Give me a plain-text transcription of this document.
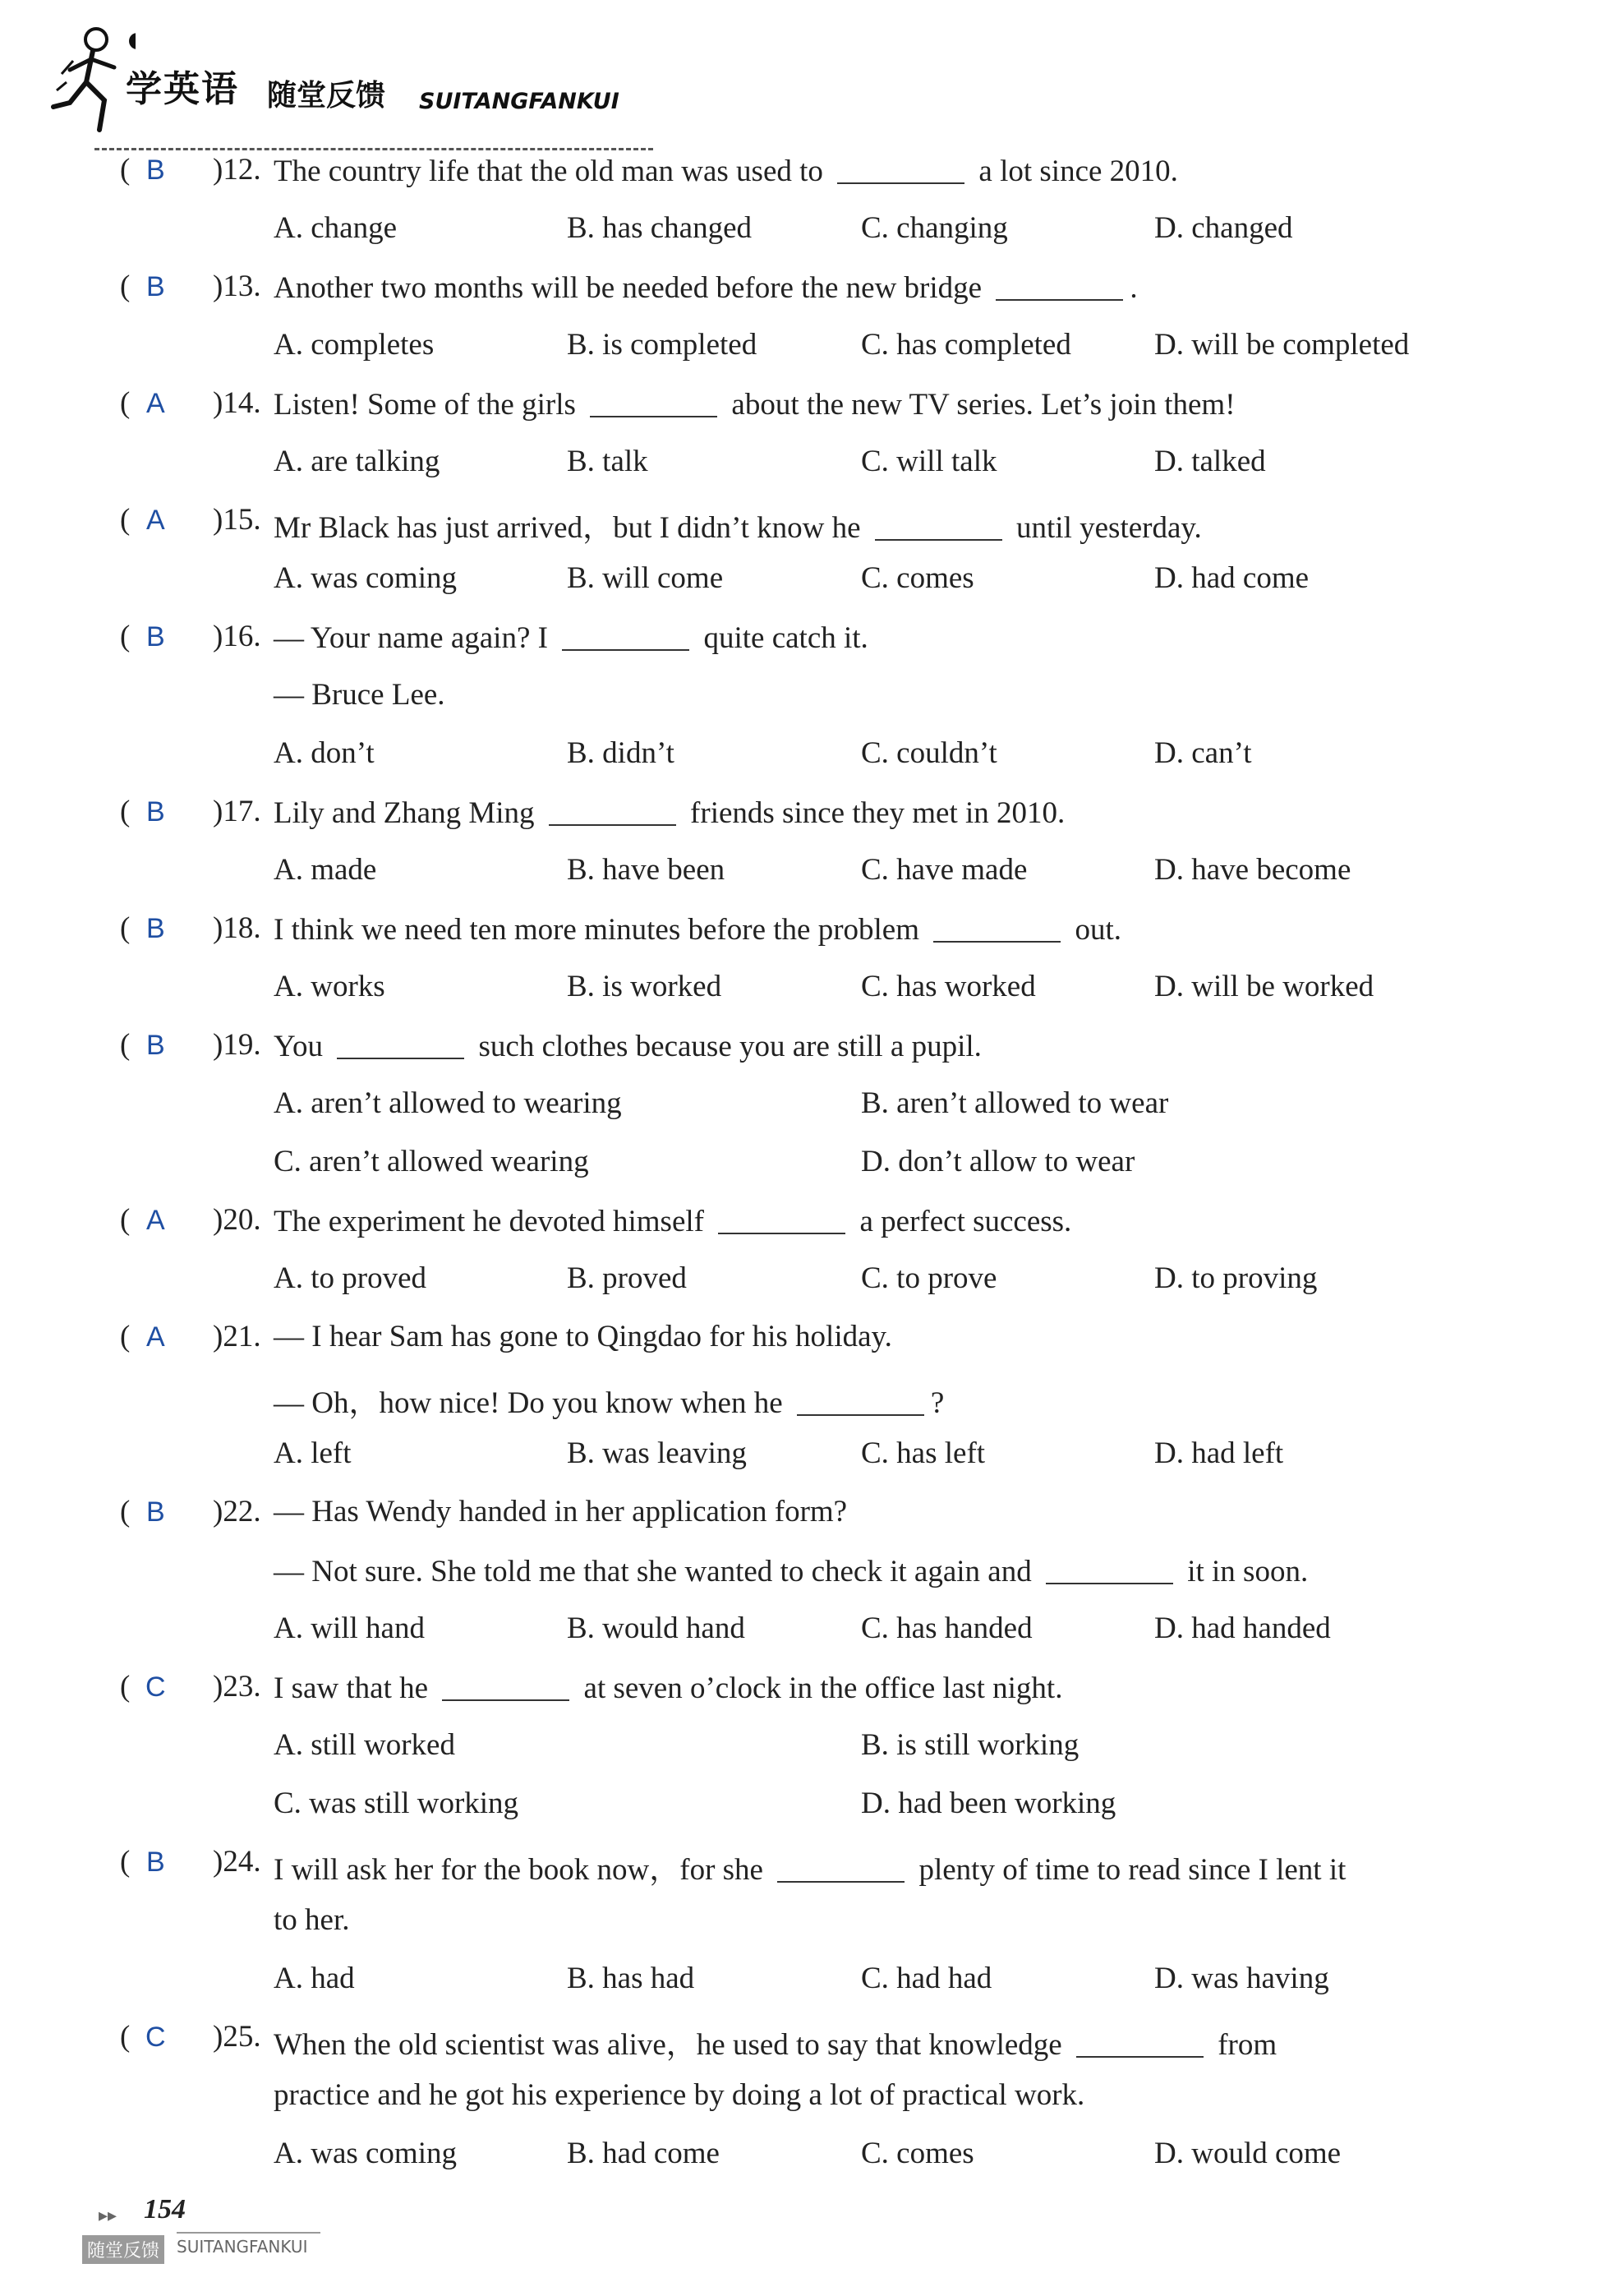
学英语 随堂反馈 SUITANGFANKUI
( B	)12. The country life that the old man was used to	a lot since 2010.
A. change	B. has changed	C. changing	D. changed
( B	)13. Another two months will be needed before the new bridge	.
A. completes	B. is completed	C. has completed	D. will be completed
( A	)14. Listen! Some of the girls	about the new TV series. Let’s join them!
A. are talking	B. talk	C. will talk	D. talked
( A	)15. Mr Black has just arrived，but I didn’t know he	until yesterday.
A. was coming	B. will come	C. comes	D. had come
( B	)16. — Your name again? I	quite catch it.
— Bruce Lee.
A. don’t	B. didn’t	C. couldn’t	D. can’t
( B	)17. Lily and Zhang Ming	friends since they met in 2010.
A. made	B. have been	C. have made	D. have become
( B	)18. I think we need ten more minutes before the problem	out.
A. works	B. is worked	C. has worked	D. will be worked
( B	)19. You	such clothes because you are still a pupil.
A. aren’t allowed to wearing	B. aren’t allowed to wear
C. aren’t allowed wearing	D. don’t allow to wear
( A	)20. The experiment he devoted himself	a perfect success.
A. to proved	B. proved	C. to prove	D. to proving
( A	)21. — I hear Sam has gone to Qingdao for his holiday.
— Oh，how nice! Do you know when he	?
A. left	B. was leaving	C. has left	D. had left
( B	)22. — Has Wendy handed in her application form?
— Not sure. She told me that she wanted to check it again and	it in soon.
A. will hand	B. would hand	C. has handed	D. had handed
( C	)23. I saw that he	at seven o’clock in the office last night.
A. still worked	B. is still working
C. was still working	D. had been working
( B	)24. I will ask her for the book now，for she	plenty of time to read since I lent it
to her.
A. had	B. has had	C. had had	D. was having
( C	)25. When the old scientist was alive，he used to say that knowledge	from
practice and he got his experience by doing a lot of practical work.
A. was coming	B. had come	C. comes	D. would come
▸▸ 154
随堂反馈	SUITANGFANKUI
